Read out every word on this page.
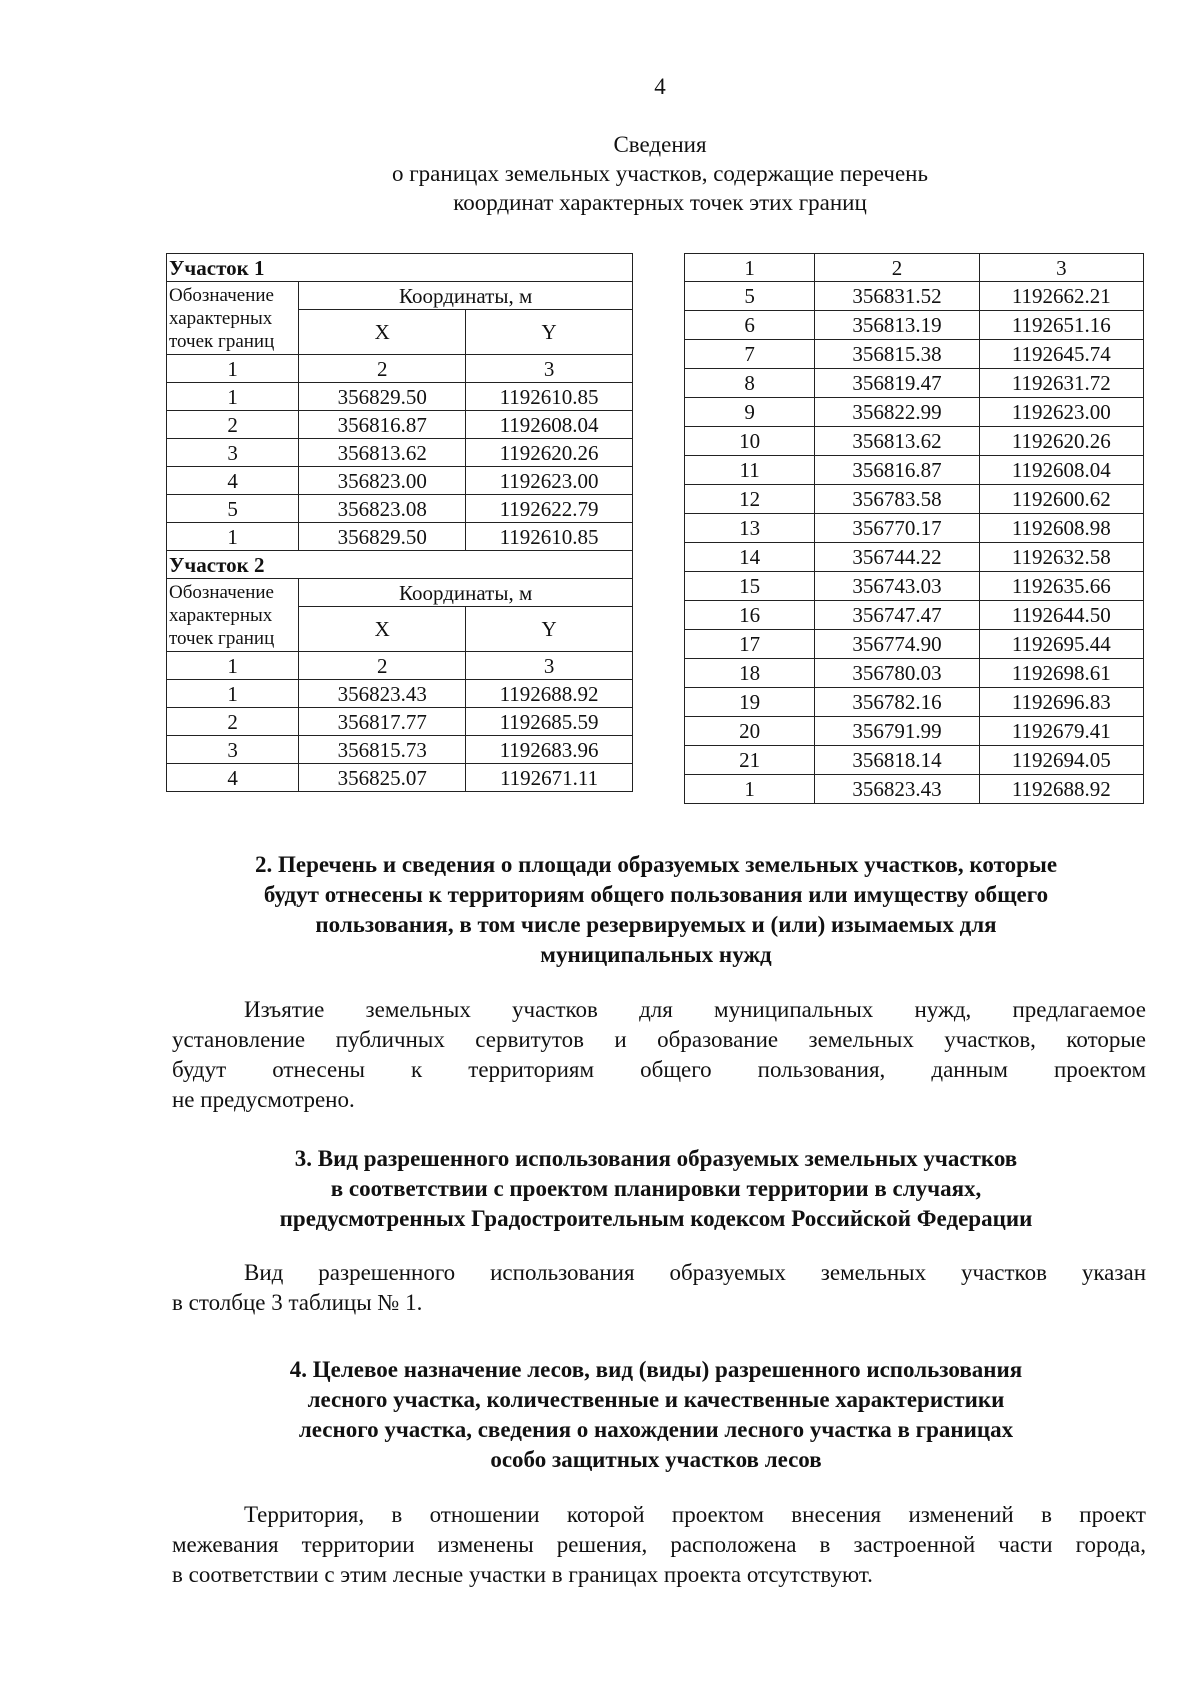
4
Сведения
о границах земельных участков, содержащие перечень
координат характерных точек этих границ
Участок 1		

Обозначение
характерных
точек границ	Координаты, м	
	X	Y
1	2	3
1	356829.50	1192610.85
2	356816.87	1192608.04
3	356813.62	1192620.26
4	356823.00	1192623.00
5	356823.08	1192622.79
1	356829.50	1192610.85
Участок 2		

Обозначение
характерных
точек границ	Координаты, м	
	X	Y
1	2	3
1	356823.43	1192688.92
2	356817.77	1192685.59
3	356815.73	1192683.96
4	356825.07	1192671.11
1	2	3
5	356831.52	1192662.21
6	356813.19	1192651.16
7	356815.38	1192645.74
8	356819.47	1192631.72
9	356822.99	1192623.00
10	356813.62	1192620.26
11	356816.87	1192608.04
12	356783.58	1192600.62
13	356770.17	1192608.98
14	356744.22	1192632.58
15	356743.03	1192635.66
16	356747.47	1192644.50
17	356774.90	1192695.44
18	356780.03	1192698.61
19	356782.16	1192696.83
20	356791.99	1192679.41
21	356818.14	1192694.05
1	356823.43	1192688.92
2. Перечень и сведения о площади образуемых земельных участков, которые
будут отнесены к территориям общего пользования или имуществу общего
пользования, в том числе резервируемых и (или) изымаемых для
муниципальных нужд
Изъятие земельных участков для муниципальных нужд, предлагаемое
установление публичных сервитутов и образование земельных участков, которые
будут отнесены к территориям общего пользования, данным проектом
не предусмотрено.
3. Вид разрешенного использования образуемых земельных участков
в соответствии с проектом планировки территории в случаях,
предусмотренных Градостроительным кодексом Российской Федерации
Вид разрешенного использования образуемых земельных участков указан
в столбце 3 таблицы № 1.
4. Целевое назначение лесов, вид (виды) разрешенного использования
лесного участка, количественные и качественные характеристики
лесного участка, сведения о нахождении лесного участка в границах
особо защитных участков лесов
Территория, в отношении которой проектом внесения изменений в проект
межевания территории изменены решения, расположена в застроенной части города,
в соответствии с этим лесные участки в границах проекта отсутствуют.
